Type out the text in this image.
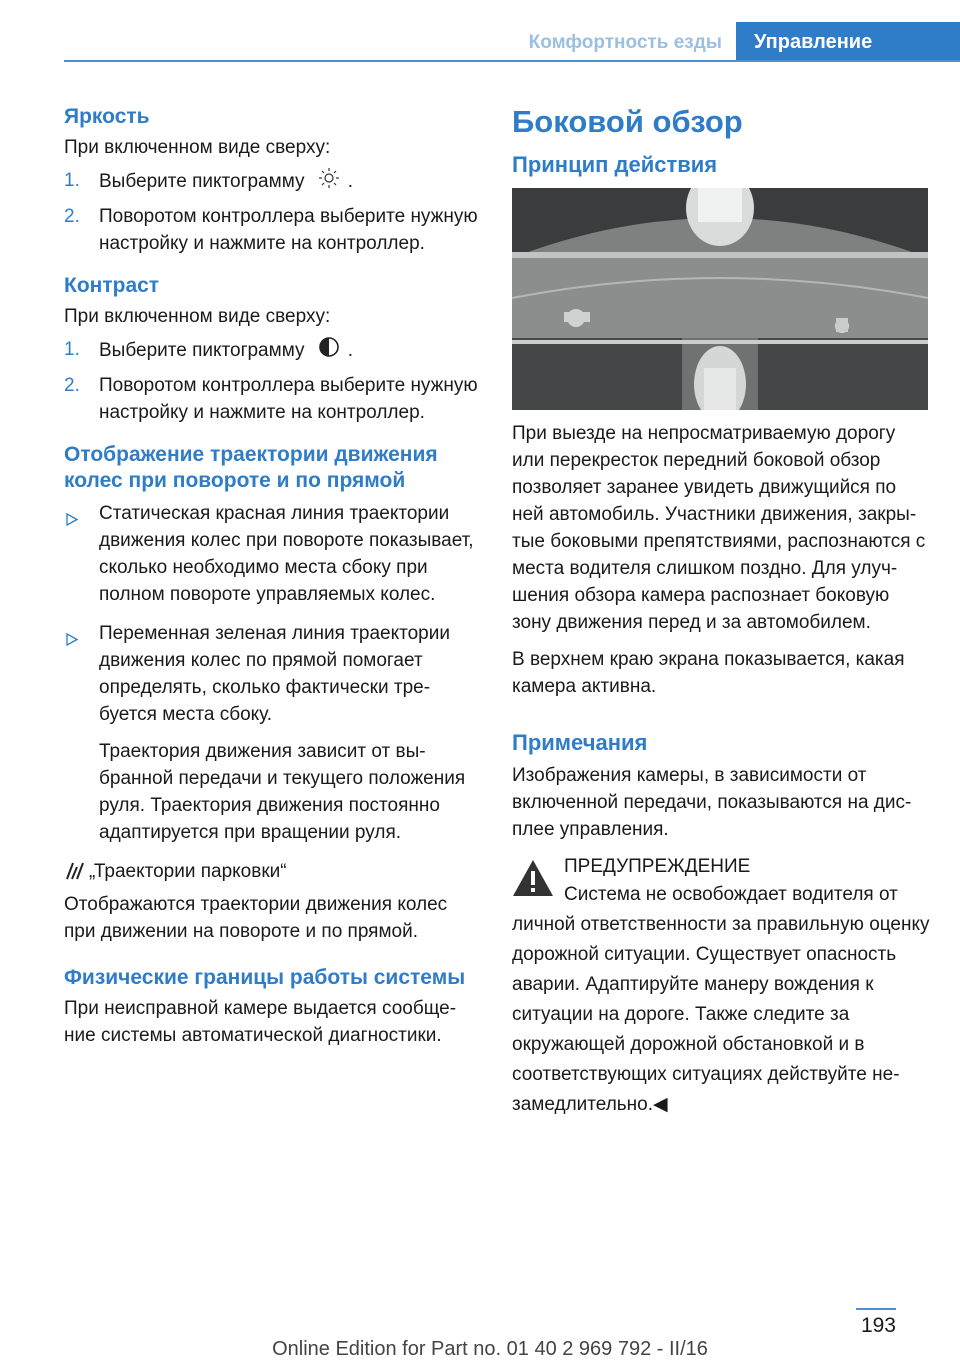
Комфортность езды	Управление
Яркость

При включенном виде сверху:

1. Выберите пиктограмму .
2. Поворотом контроллера выберите нужную настройку и нажмите на контроллер.
Контраст

При включенном виде сверху:

1. Выберите пиктограмму .
2. Поворотом контроллера выберите нужную настройку и нажмите на контроллер.
Отображение траектории движения колес при повороте и по прямой
Статическая красная линия траектории движения колес при повороте показывает, сколько необходимо места сбоку при полном повороте управляемых колес.
Переменная зеленая линия траектории движения колес по прямой помогает определять, сколько фактически требуется места сбоку.

Траектория движения зависит от выбранной передачи и текущего положения руля. Траектория движения постоянно адаптируется при вращении руля.

„Траектории парковки“

Отображаются траектории движения колес при движении на повороте и по прямой.

Физические границы работы системы

При неисправной камере выдается сообщение системы автоматической диагностики.

Боковой обзор
Принцип действия

При выезде на непросматриваемую дорогу или перекресток передний боковой обзор позволяет заранее увидеть движущийся по ней автомобиль. Участники движения, закрытые боковыми препятствиями, распознаются с места водителя слишком поздно. Для улучшения обзора камера распознает боковую зону движения перед и за автомобилем.

В верхнем краю экрана показывается, какая камера активна.

Примечания

Изображения камеры, в зависимости от включенной передачи, показываются на дисплее управления.

ПРЕДУПРЕЖДЕНИЕ
Система не освобождает водителя от личной ответственности за правильную оценку дорожной ситуации. Существует опасность аварии. Адаптируйте манеру вождения к ситуации на дороге. Также следите за окружающей дорожной обстановкой и в соответствующих ситуациях действуйте незамедлительно.◀
193
Online Edition for Part no. 01 40 2 969 792 - II/16
